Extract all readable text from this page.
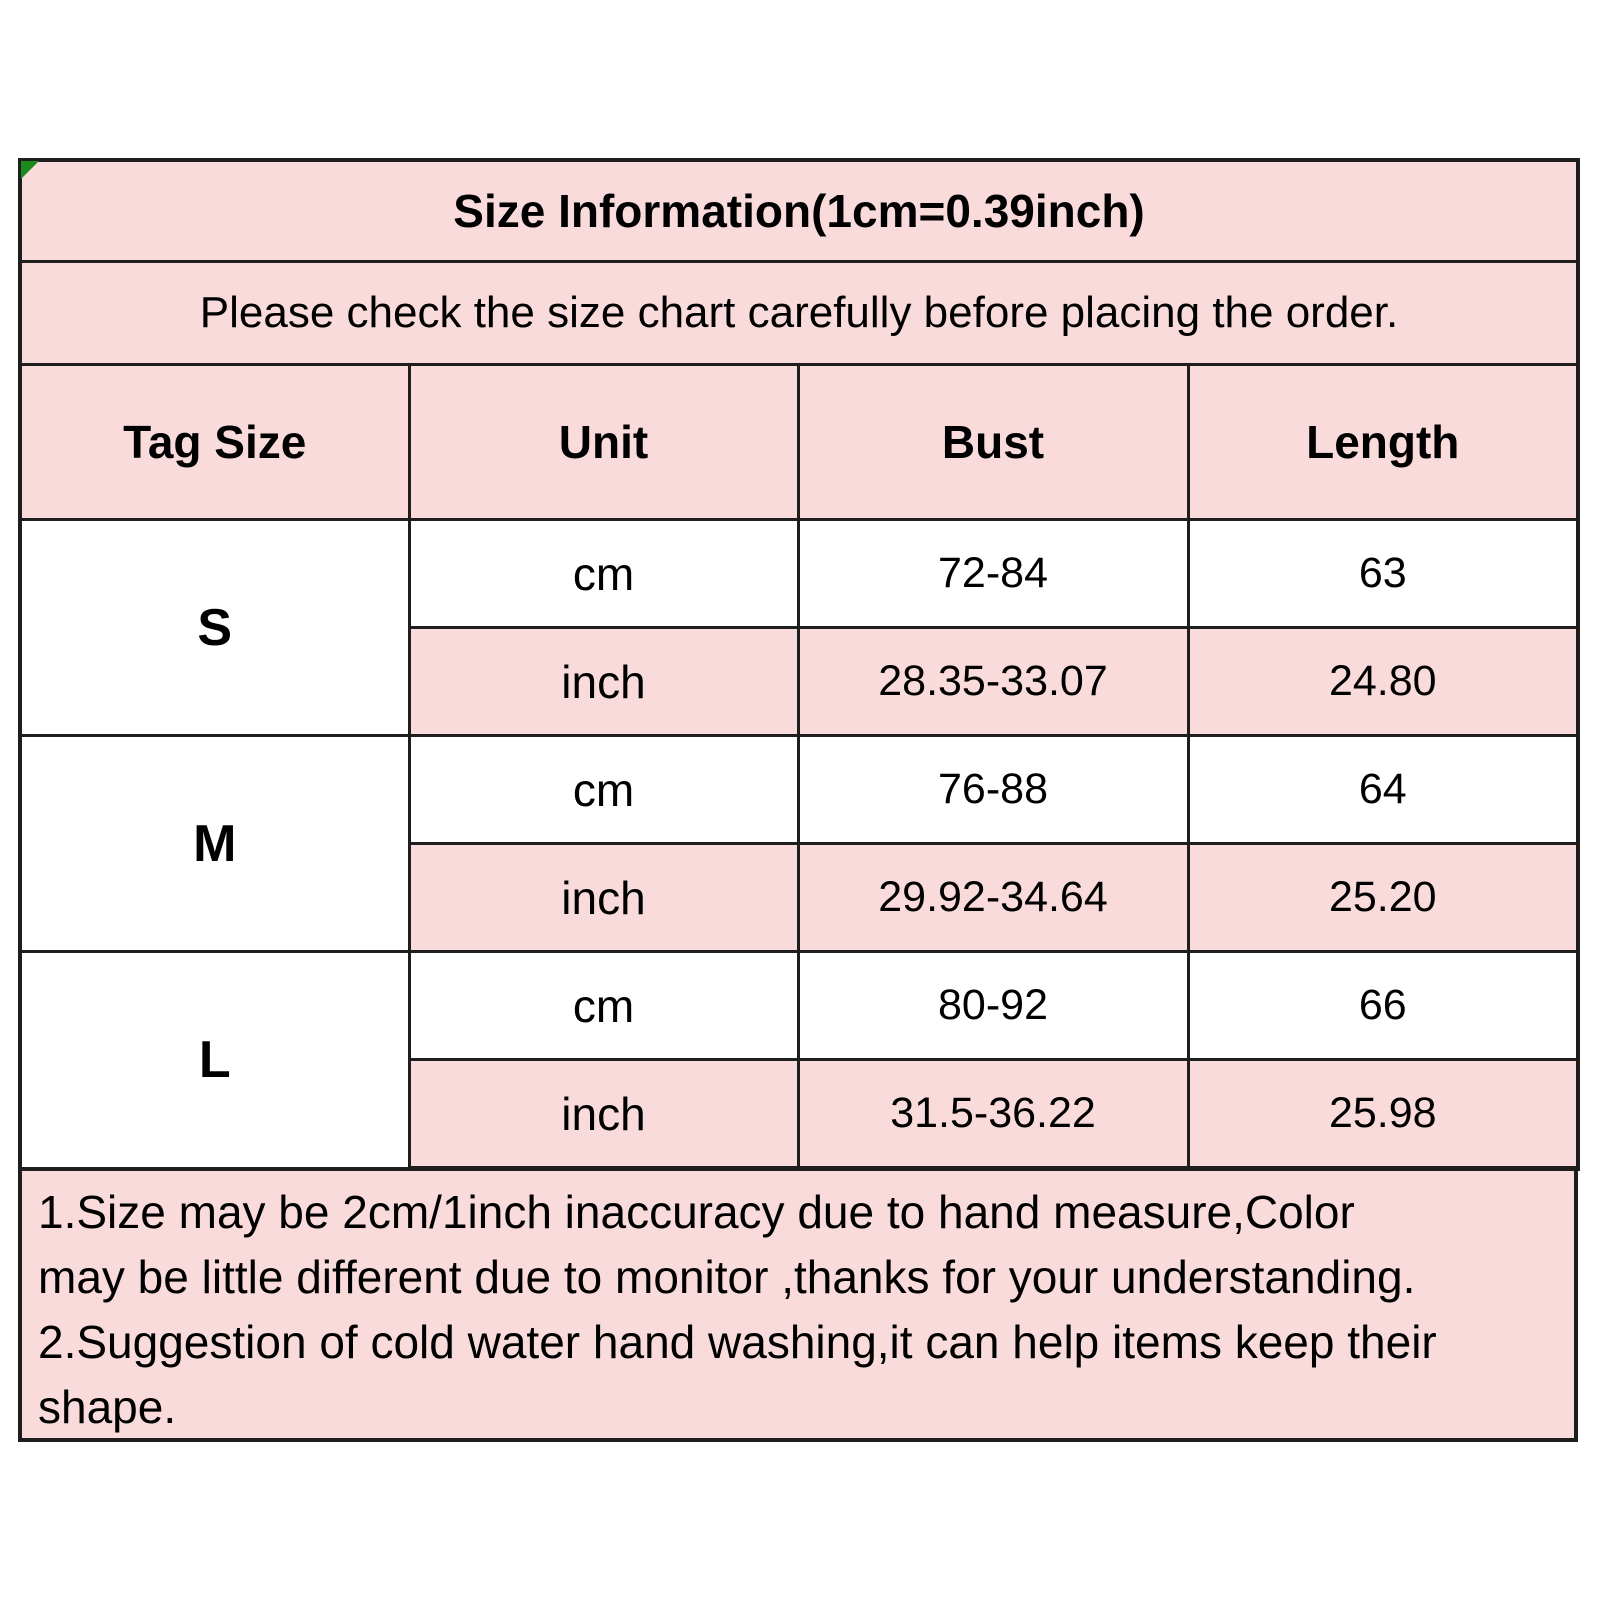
Size Information(1cm=0.39inch)			
Please check the size chart carefully before placing the order.			
Tag Size	Unit	Bust	Length
S	cm	72-84	63
	inch	28.35-33.07	24.80
M	cm	76-88	64
	inch	29.92-34.64	25.20
L	cm	80-92	66
	inch	31.5-36.22	25.98
1.Size may be 2cm/1inch inaccuracy due to hand measure,Color
may be little different due to monitor ,thanks for your understanding.
2.Suggestion of cold water hand washing,it can help items keep their
shape.
